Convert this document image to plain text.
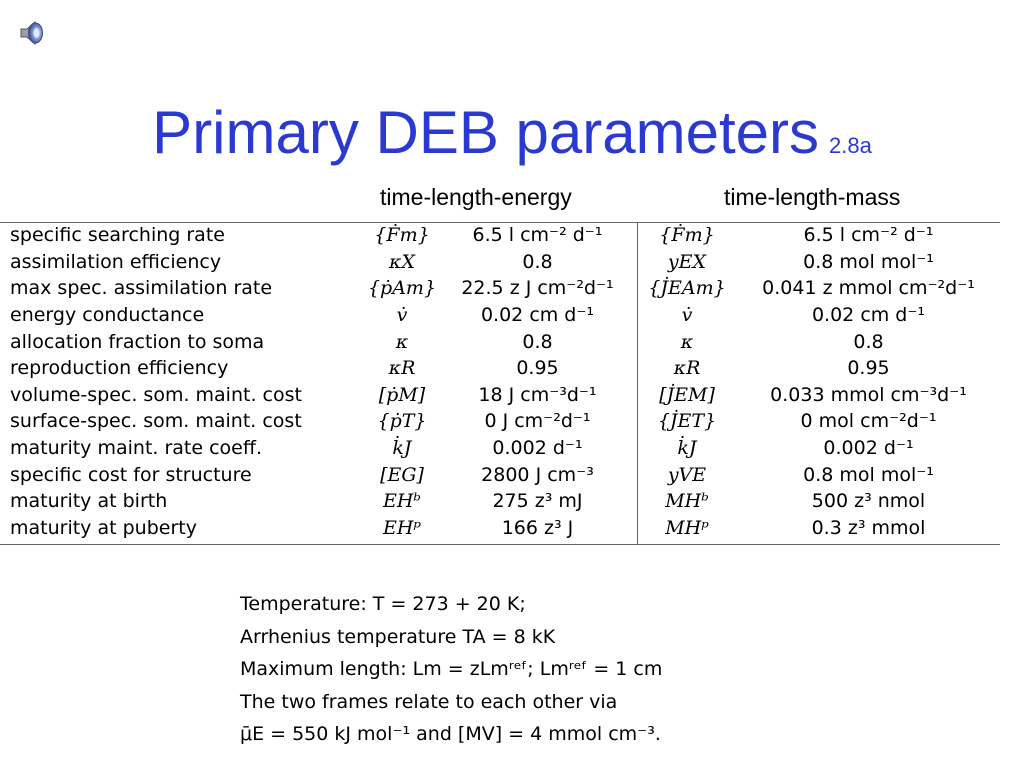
Primary DEB parameters 2.8a
time-length-energy	time-length-mass
specific searching rate	{Ḟm}	6.5 l cm⁻² d⁻¹	{Ḟm}	6.5 l cm⁻² d⁻¹
assimilation efficiency	κX	0.8	yEX	0.8 mol mol⁻¹
max spec. assimilation rate	{ṗAm}	22.5 z J cm⁻²d⁻¹	{J̇EAm}	0.041 z mmol cm⁻²d⁻¹
energy conductance	v̇	0.02 cm d⁻¹	v̇	0.02 cm d⁻¹
allocation fraction to soma	κ	0.8	κ	0.8
reproduction efficiency	κR	0.95	κR	0.95
volume-spec. som. maint. cost	[ṗM]	18 J cm⁻³d⁻¹	[J̇EM]	0.033 mmol cm⁻³d⁻¹
surface-spec. som. maint. cost	{ṗT}	0 J cm⁻²d⁻¹	{J̇ET}	0 mol cm⁻²d⁻¹
maturity maint. rate coeff.	k̇J	0.002 d⁻¹	k̇J	0.002 d⁻¹
specific cost for structure	[EG]	2800 J cm⁻³	yVE	0.8 mol mol⁻¹
maturity at birth	EHᵇ	275 z³ mJ	MHᵇ	500 z³ nmol
maturity at puberty	EHᵖ	166 z³ J	MHᵖ	0.3 z³ mmol
Temperature: T = 273 + 20 K;
Arrhenius temperature TA = 8 kK
Maximum length: Lm = zLmʳᵉᶠ; Lmʳᵉᶠ = 1 cm
The two frames relate to each other via
μ̄E = 550 kJ mol⁻¹ and [MV] = 4 mmol cm⁻³.
